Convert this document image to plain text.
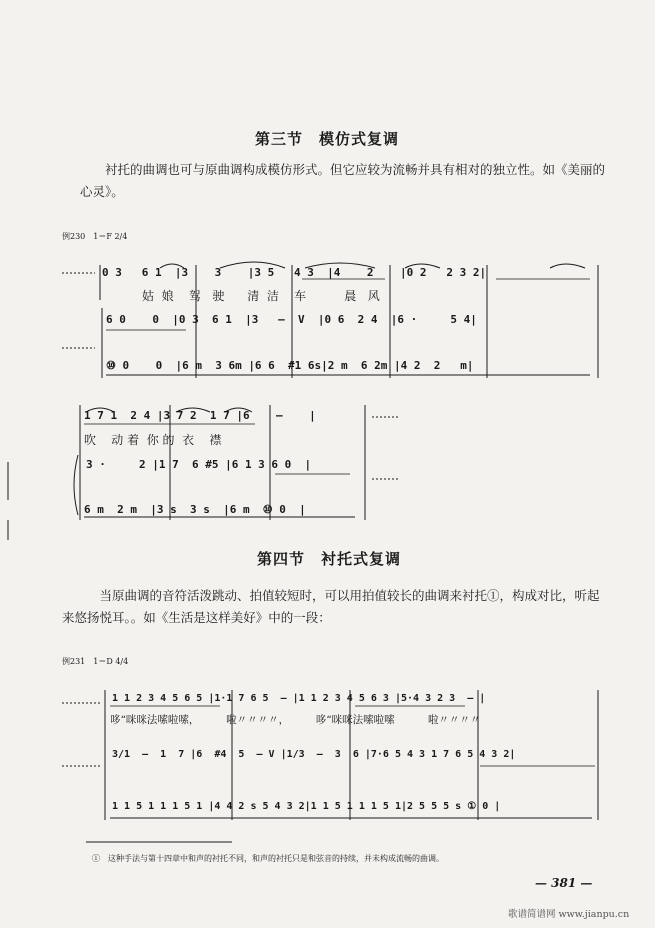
第三节　模仿式复调
衬托的曲调也可与原曲调构成模仿形式。但它应较为流畅并具有相对的独立性。如《美丽的心灵》。
例230　1＝F 2/4
0 3   6 1  |3    3    |3 5   4 3  |4    2    |0 2   2 3 2|
姑  娘    驾   驶      清  洁    车          晨   风
6 0    0  |0 3  6 1  |3   —  V  |0 6  2 4  |6 ·     5 4|
⑩ 0    0  |6 m  3 6m |6 6  #1 6s|2 m  6 2m |4 2  2   m|
1 7 1  2 4 |3 7 2  1 7 |6    —    |
吹    动 着  你 的  衣    襟
3 ·     2 |1 7  6 #5 |6 1 3 6 0  |
6 m  2 m  |3 s  3 s  |6 m  ⑩ 0  |
第四节　衬托式复调
当原曲调的音符活泼跳动、拍值较短时，可以用拍值较长的曲调来衬托①，构成对比，听起来悠扬悦耳。。如《生活是这样美好》中的一段：
例231　1＝D 4/4
1 1 2 3 4 5 6 5 |1·1 7 6 5  — |1 1 2 3 4 5 6 3 |5·4 3 2 3  — |
哆“咪咪法嗦啦嗦，        啦〃〃〃〃，        哆“咪咪法嗦啦嗦          啦〃〃〃〃
3/1  —  1  7 |6  #4  5  — V |1/3  —  3  6 |7·6 5 4 3 1 7 6 5 4 3 2|
1 1 5 1 1 1 5 1 |4 4 2 s 5 4 3 2|1 1 5 1 1 1 5 1|2 5 5 5 s ① 0 |
①　这种手法与第十四章中和声的衬托不同，和声的衬托只是和弦音的持续，并未构成流畅的曲调。
— 381 —
歌谱简谱网 www.jianpu.cn
